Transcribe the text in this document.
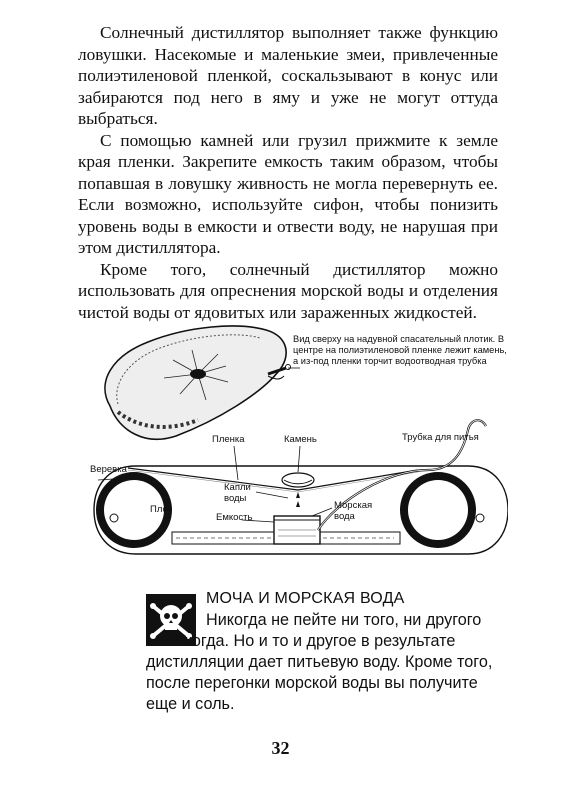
Солнечный дистиллятор выполняет также функцию ловушки. Насекомые и маленькие змеи, привлеченные полиэтиленовой пленкой, соскальзывают в конус или забираются под него в яму и уже не могут оттуда выбраться.

С помощью камней или грузил прижмите к земле края пленки. Закрепите емкость таким образом, чтобы попавшая в ловушку живность не могла перевернуть ее. Если возможно, используйте сифон, чтобы понизить уровень воды в емкости и отвести воду, не нарушая при этом дистиллятора.

Кроме того, солнечный дистиллятор можно использовать для опреснения морской воды и отделения чистой воды от ядовитых или зараженных жидкостей.

Вид сверху на надувной спасательный плотик. В центре на полиэтиленовой пленке лежит камень, а из-под пленки торчит водоотводная трубка
Пленка	Камень	Трубка для питья
Веревка
Капли воды
Плот
Емкость
Морская вода
МОЧА И МОРСКАЯ ВОДА
Никогда не пейте ни того, ни другого
— никогда. Но и то и другое в результате дистилляции дает питьевую воду. Кроме того, после перегонки морской воды вы получите еще и соль.
32
